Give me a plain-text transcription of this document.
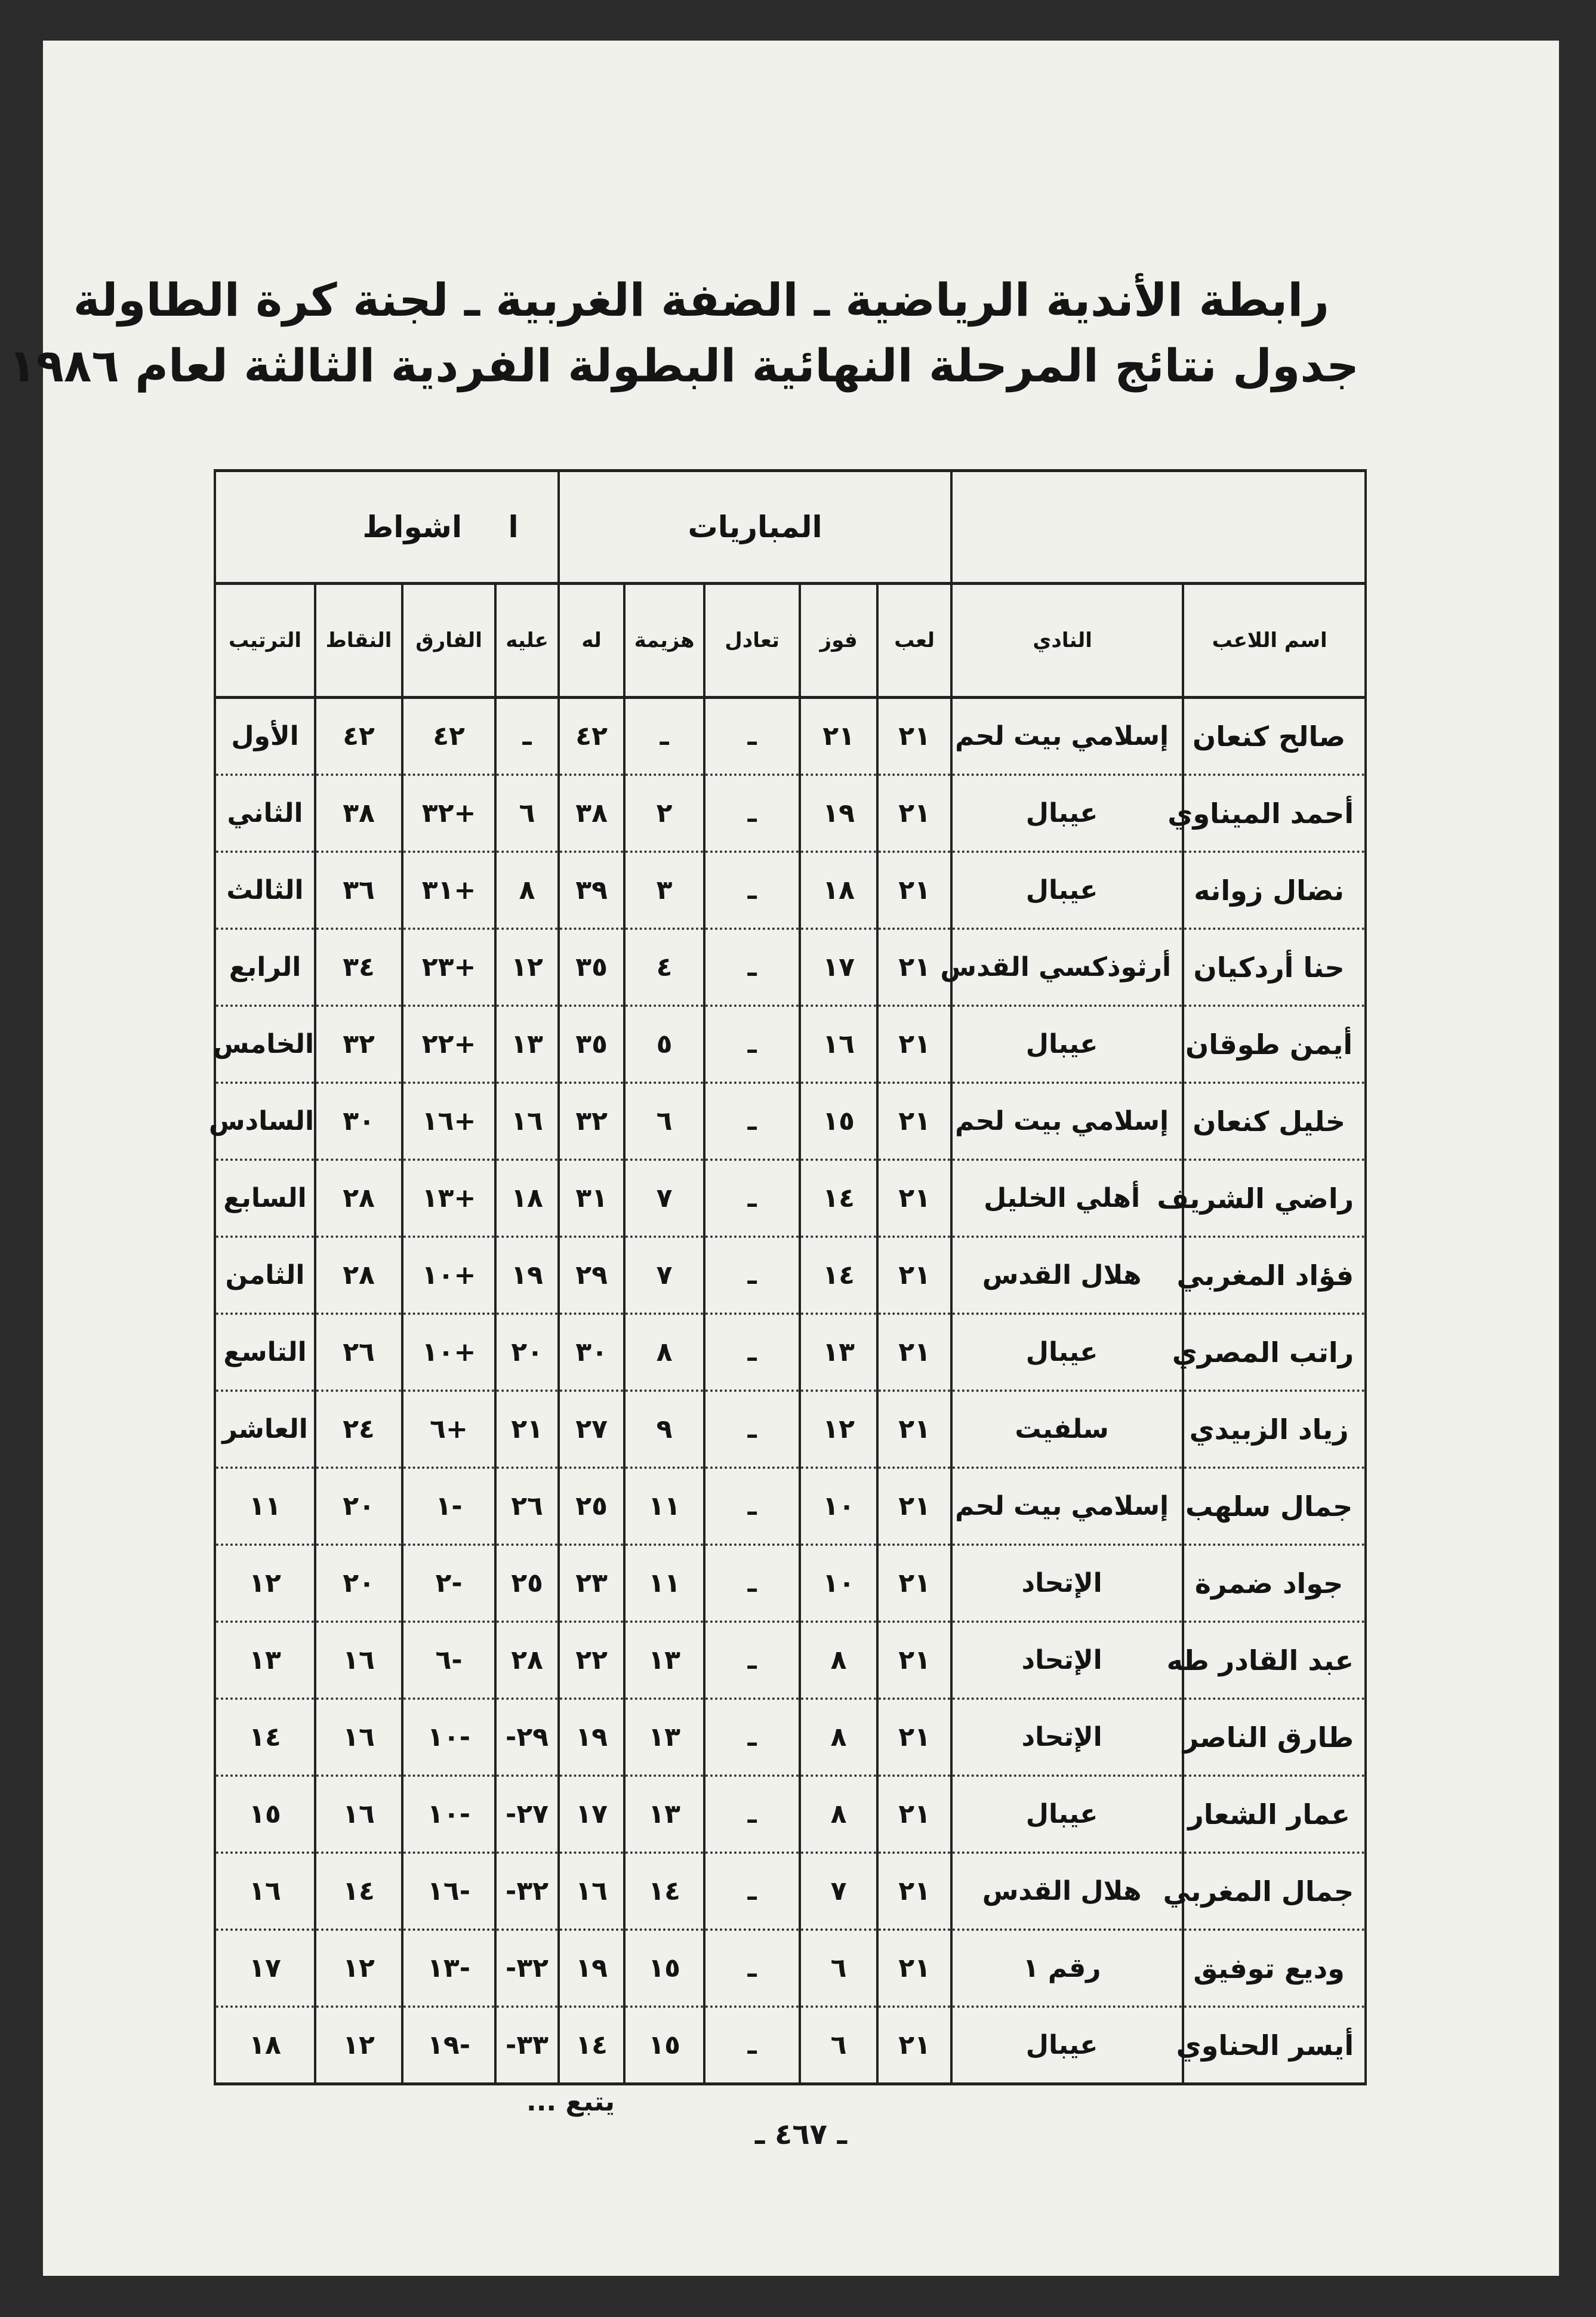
رابطة الأندية الرياضية ـ الضفة الغربية ـ لجنة كرة الطاولة
جدول نتائج المرحلة النهائية البطولة الفردية الثالثة لعام ١٩٨٦
		المباريات					ا اشواط			
اسم اللاعب	النادي	لعب	فوز	تعادل	هزيمة	له	عليه	الفارق	النقاط	الترتيب
صالح كنعان	إسلامي بيت لحم	٢١	٢١	ـ	ـ	٤٢	ـ	٤٢	٤٢	الأول
أحمد الميناوي	عيبال	٢١	١٩	ـ	٢	٣٨	٦	+٣٢	٣٨	الثاني
نضال زوانه	عيبال	٢١	١٨	ـ	٣	٣٩	٨	+٣١	٣٦	الثالث
حنا أردكيان	أرثوذكسي القدس	٢١	١٧	ـ	٤	٣٥	١٢	+٢٣	٣٤	الرابع
أيمن طوقان	عيبال	٢١	١٦	ـ	٥	٣٥	١٣	+٢٢	٣٢	الخامس
خليل كنعان	إسلامي بيت لحم	٢١	١٥	ـ	٦	٣٢	١٦	+١٦	٣٠	السادس
راضي الشريف	أهلي الخليل	٢١	١٤	ـ	٧	٣١	١٨	+١٣	٢٨	السابع
فؤاد المغربي	هلال القدس	٢١	١٤	ـ	٧	٢٩	١٩	+١٠	٢٨	الثامن
راتب المصري	عيبال	٢١	١٣	ـ	٨	٣٠	٢٠	+١٠	٢٦	التاسع
زياد الزبيدي	سلفيت	٢١	١٢	ـ	٩	٢٧	٢١	+٦	٢٤	العاشر
جمال سلهب	إسلامي بيت لحم	٢١	١٠	ـ	١١	٢٥	٢٦	-١	٢٠	١١
جواد ضمرة	الإتحاد	٢١	١٠	ـ	١١	٢٣	٢٥	-٢	٢٠	١٢
عبد القادر طه	الإتحاد	٢١	٨	ـ	١٣	٢٢	٢٨	-٦	١٦	١٣
طارق الناصر	الإتحاد	٢١	٨	ـ	١٣	١٩	٢٩-	-١٠	١٦	١٤
عمار الشعار	عيبال	٢١	٨	ـ	١٣	١٧	٢٧-	-١٠	١٦	١٥
جمال المغربي	هلال القدس	٢١	٧	ـ	١٤	١٦	٣٢-	-١٦	١٤	١٦
وديع توفيق	رقم ١	٢١	٦	ـ	١٥	١٩	٣٢-	-١٣	١٢	١٧
أيسر الحناوي	عيبال	٢١	٦	ـ	١٥	١٤	٣٣-	-١٩	١٢	١٨
يتبع ...
ـ ٤٦٧ ـ
